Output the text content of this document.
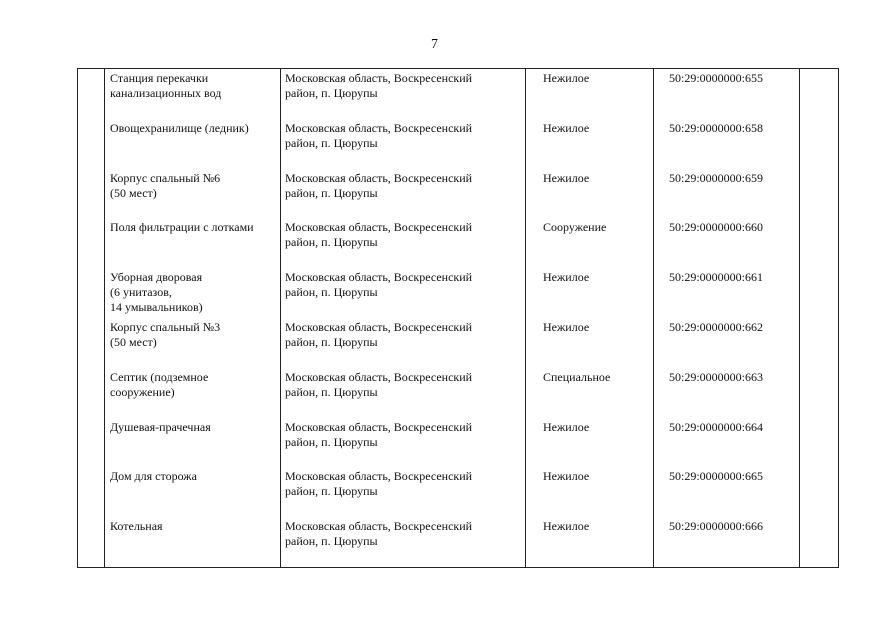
7

	Станция перекачки
канализационных вод	Московская область, Воскресенский
район, п. Цюрупы	Нежилое	50:29:0000000:655	

	Овощехранилище (ледник)	Московская область, Воскресенский
район, п. Цюрупы	Нежилое	50:29:0000000:658	

	Корпус спальный №6
(50 мест)	Московская область, Воскресенский
район, п. Цюрупы	Нежилое	50:29:0000000:659	

	Поля фильтрации с лотками	Московская область, Воскресенский
район, п. Цюрупы	Сооружение	50:29:0000000:660	

	Уборная дворовая
(6 унитазов,
14 умывальников)	Московская область, Воскресенский
район, п. Цюрупы	Нежилое	50:29:0000000:661	

	Корпус спальный №3
(50 мест)	Московская область, Воскресенский
район, п. Цюрупы	Нежилое	50:29:0000000:662	

	Септик (подземное
сооружение)	Московская область, Воскресенский
район, п. Цюрупы	Специальное	50:29:0000000:663	

	Душевая-прачечная	Московская область, Воскресенский
район, п. Цюрупы	Нежилое	50:29:0000000:664	

	Дом для сторожа	Московская область, Воскресенский
район, п. Цюрупы	Нежилое	50:29:0000000:665	

	Котельная	Московская область, Воскресенский
район, п. Цюрупы	Нежилое	50:29:0000000:666	
